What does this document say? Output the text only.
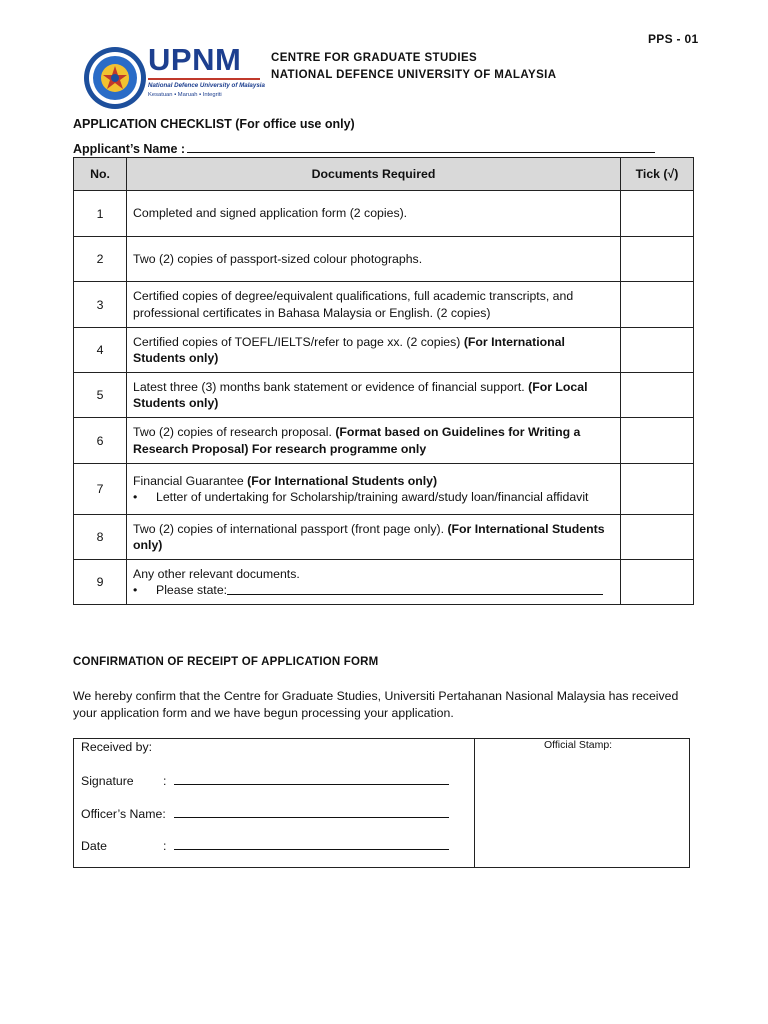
PPS - 01
UPNM
National Defence University of Malaysia
Kesatuan ▪ Maruah ▪ Integriti
CENTRE FOR GRADUATE STUDIES
NATIONAL DEFENCE UNIVERSITY OF MALAYSIA
APPLICATION CHECKLIST (For office use only)
Applicant’s Name :
No.	Documents Required	Tick (√)
1	Completed and signed application form (2 copies).	
2	Two (2) copies of passport-sized colour photographs.	
3	Certified copies of degree/equivalent qualifications, full academic transcripts, and professional certificates in Bahasa Malaysia or English. (2 copies)	
4	Certified copies of TOEFL/IELTS/refer to page xx. (2 copies) (For International Students only)	
5	Latest three (3) months bank statement or evidence of financial support. (For Local Students only)	
6	Two (2) copies of research proposal. (Format based on Guidelines for Writing a Research Proposal) For research programme only	
7	Financial Guarantee (For International Students only)
• Letter of undertaking for Scholarship/training award/study loan/financial affidavit	

8	Two (2) copies of international passport (front page only). (For International Students only)	
9	Any other relevant documents.
• Please state:	

CONFIRMATION OF RECEIPT OF APPLICATION FORM
We hereby confirm that the Centre for Graduate Studies, Universiti Pertahanan Nasional Malaysia has received your application form and we have begun processing your application.
Received by:
Signature :
Officer’s Name:
Date	:
Official Stamp:
